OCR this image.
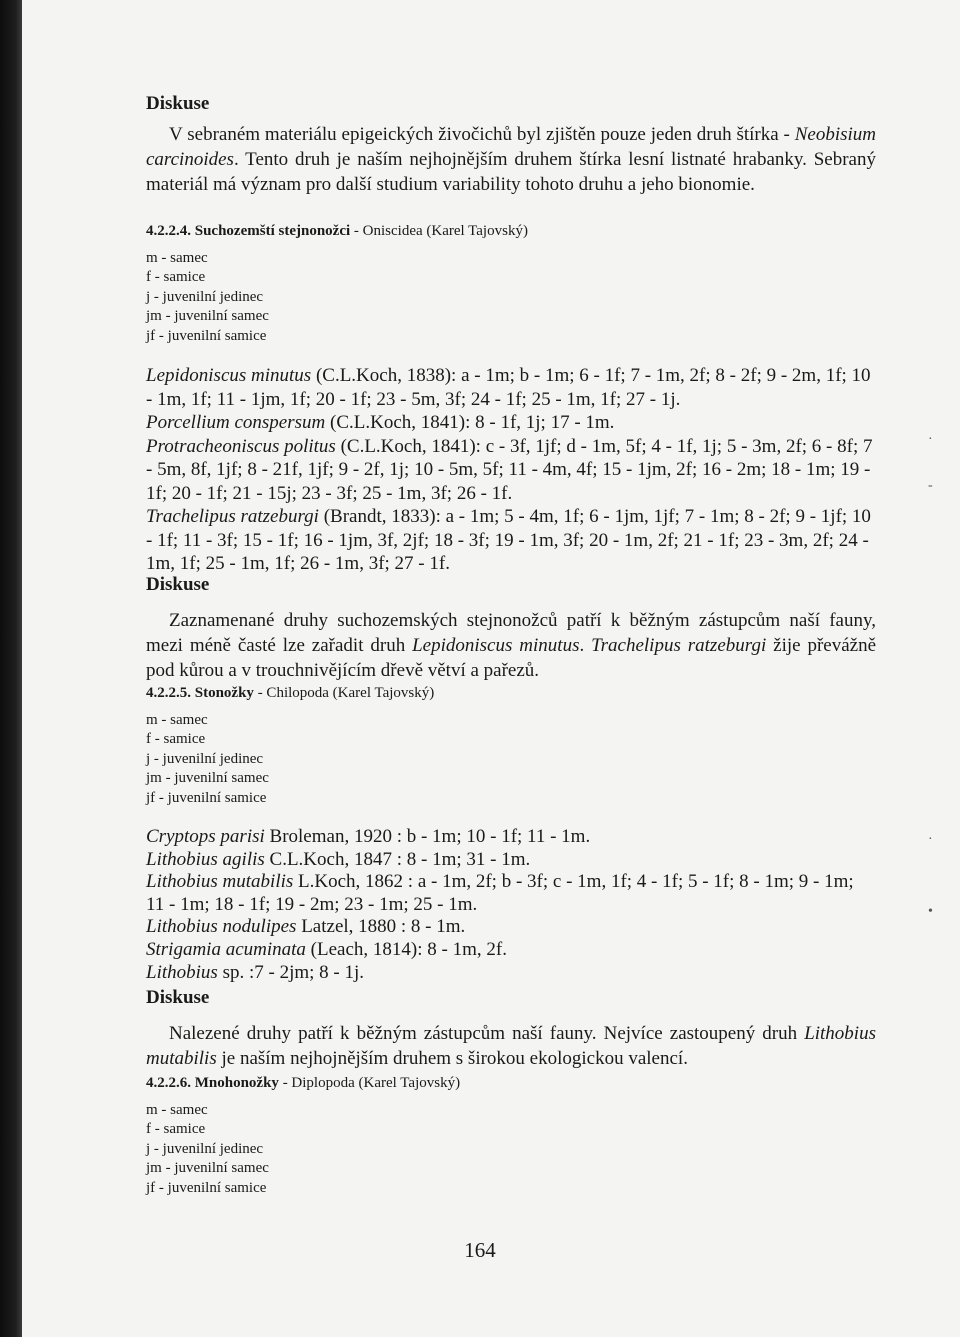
Diskuse

V sebraném materiálu epigeických živočichů byl zjištěn pouze jeden druh štírka - Neobisium carcinoides. Tento druh je naším nejhojnějším druhem štírka lesní listnaté hrabanky. Sebraný materiál má význam pro další studium variability tohoto druhu a jeho bionomie.

4.2.2.4. Suchozemští stejnonožci - Oniscidea (Karel Tajovský)

m - samec
f - samice
j - juvenilní jedinec
jm - juvenilní samec
jf - juvenilní samice

Lepidoniscus minutus (C.L.Koch, 1838): a - 1m; b - 1m; 6 - 1f; 7 - 1m, 2f; 8 - 2f; 9 - 2m, 1f; 10 - 1m, 1f; 11 - 1jm, 1f; 20 - 1f; 23 - 5m, 3f; 24 - 1f; 25 - 1m, 1f; 27 - 1j.

Porcellium conspersum (C.L.Koch, 1841): 8 - 1f, 1j; 17 - 1m.

Protracheoniscus politus (C.L.Koch, 1841): c - 3f, 1jf; d - 1m, 5f; 4 - 1f, 1j; 5 - 3m, 2f; 6 - 8f; 7 - 5m, 8f, 1jf; 8 - 21f, 1jf; 9 - 2f, 1j; 10 - 5m, 5f; 11 - 4m, 4f; 15 - 1jm, 2f; 16 - 2m; 18 - 1m; 19 - 1f; 20 - 1f; 21 - 15j; 23 - 3f; 25 - 1m, 3f; 26 - 1f.

Trachelipus ratzeburgi (Brandt, 1833): a - 1m; 5 - 4m, 1f; 6 - 1jm, 1jf; 7 - 1m; 8 - 2f; 9 - 1jf; 10 - 1f; 11 - 3f; 15 - 1f; 16 - 1jm, 3f, 2jf; 18 - 3f; 19 - 1m, 3f; 20 - 1m, 2f; 21 - 1f; 23 - 3m, 2f; 24 - 1m, 1f; 25 - 1m, 1f; 26 - 1m, 3f; 27 - 1f.

Diskuse

Zaznamenané druhy suchozemských stejnonožců patří k běžným zástupcům naší fauny, mezi méně časté lze zařadit druh Lepidoniscus minutus. Trachelipus ratzeburgi žije převážně pod kůrou a v trouchnivějícím dřevě větví a pařezů.

4.2.2.5. Stonožky - Chilopoda (Karel Tajovský)

m - samec
f - samice
j - juvenilní jedinec
jm - juvenilní samec
jf - juvenilní samice

Cryptops parisi Broleman, 1920 : b - 1m; 10 - 1f; 11 - 1m.

Lithobius agilis C.L.Koch, 1847 : 8 - 1m; 31 - 1m.

Lithobius mutabilis L.Koch, 1862 : a - 1m, 2f; b - 3f; c - 1m, 1f; 4 - 1f; 5 - 1f; 8 - 1m; 9 - 1m; 11 - 1m; 18 - 1f; 19 - 2m; 23 - 1m; 25 - 1m.

Lithobius nodulipes Latzel, 1880 : 8 - 1m.

Strigamia acuminata (Leach, 1814): 8 - 1m, 2f.

Lithobius sp. :7 - 2jm; 8 - 1j.

Diskuse

Nalezené druhy patří k běžným zástupcům naší fauny. Nejvíce zastoupený druh Lithobius mutabilis je naším nejhojnějším druhem s širokou ekologickou valencí.

4.2.2.6. Mnohonožky - Diplopoda (Karel Tajovský)

m - samec
f - samice
j - juvenilní jedinec
jm - juvenilní samec
jf - juvenilní samice
164
·
-
·
•
